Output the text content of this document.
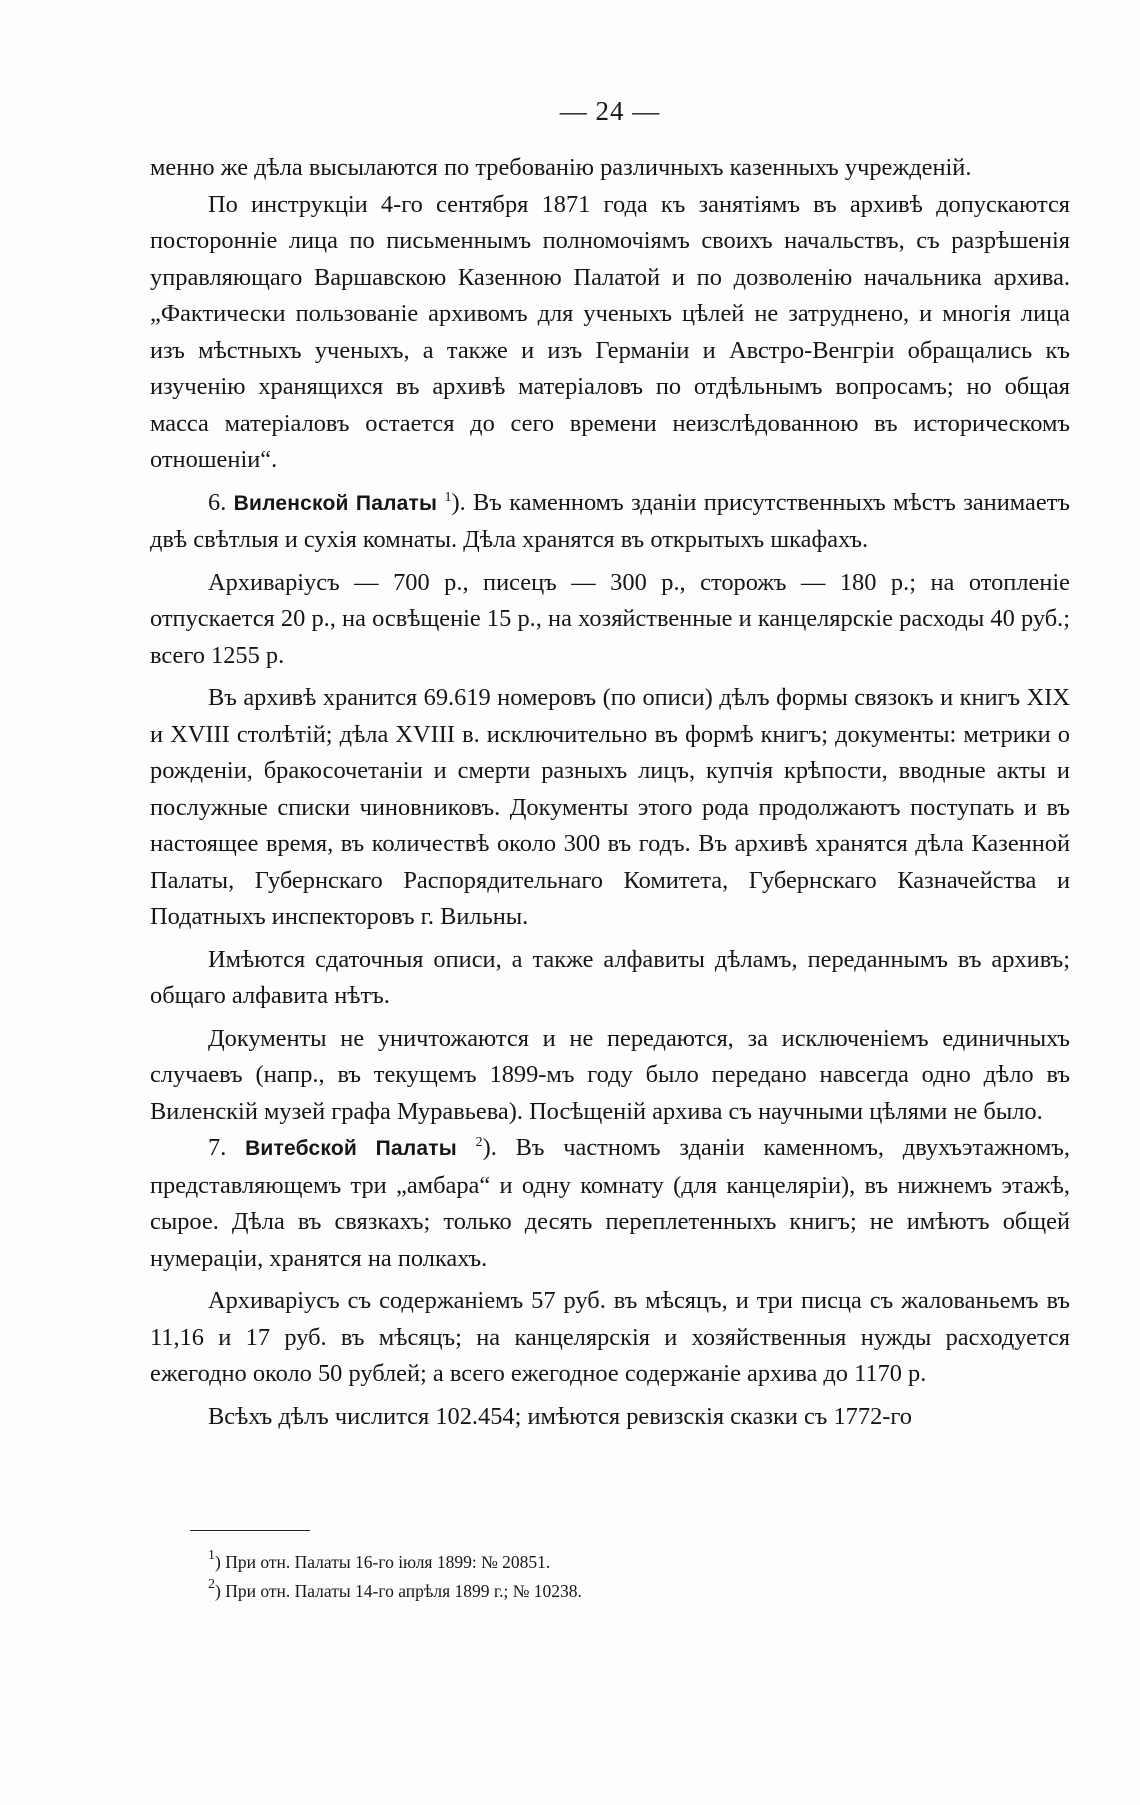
— 24 —

менно же дѣла высылаются по требованію различныхъ казенныхъ учрежденій.

По инструкціи 4-го сентября 1871 года къ занятіямъ въ архивѣ допускаются посторонніе лица по письменнымъ полномочіямъ своихъ начальствъ, съ разрѣшенія управляющаго Варшавскою Казенною Палатой и по дозволенію начальника архива. „Фактически пользованіе архивомъ для ученыхъ цѣлей не затруднено, и многія лица изъ мѣстныхъ ученыхъ, а также и изъ Германіи и Австро-Венгріи обращались къ изученію хранящихся въ архивѣ матеріаловъ по отдѣльнымъ вопросамъ; но общая масса матеріаловъ остается до сего времени неизслѣдованною въ историческомъ отношеніи“.

6. Виленской Палаты $^1$). Въ каменномъ зданіи присутственныхъ мѣстъ занимаетъ двѣ свѣтлыя и сухія комнаты. Дѣла хранятся въ открытыхъ шкафахъ.

Архиваріусъ — 700 р., писецъ — 300 р., сторожъ — 180 р.; на отопленіе отпускается 20 р., на освѣщеніе 15 р., на хозяйственные и канцелярскіе расходы 40 руб.; всего 1255 р.

Въ архивѣ хранится 69.619 номеровъ (по описи) дѣлъ формы связокъ и книгъ XIX и XVIII столѣтій; дѣла XVIII в. исключительно въ формѣ книгъ; документы: метрики о рожденіи, бракосочетаніи и смерти разныхъ лицъ, купчія крѣпости, вводные акты и послужные списки чиновниковъ. Документы этого рода продолжаютъ поступать и въ настоящее время, въ количествѣ около 300 въ годъ. Въ архивѣ хранятся дѣла Казенной Палаты, Губернскаго Распорядительнаго Комитета, Губернскаго Казначейства и Податныхъ инспекторовъ г. Вильны.

Имѣются сдаточныя описи, а также алфавиты дѣламъ, переданнымъ въ архивъ; общаго алфавита нѣтъ.

Документы не уничтожаются и не передаются, за исключеніемъ единичныхъ случаевъ (напр., въ текущемъ 1899-мъ году было передано навсегда одно дѣло въ Виленскій музей графа Муравьева). Посѣщеній архива съ научными цѣлями не было.

7. Витебской Палаты $^2$). Въ частномъ зданіи каменномъ, двухъэтажномъ, представляющемъ три „амбара“ и одну комнату (для канцеляріи), въ нижнемъ этажѣ, сырое. Дѣла въ связкахъ; только десять переплетенныхъ книгъ; не имѣютъ общей нумераціи, хранятся на полкахъ.

Архиваріусъ съ содержаніемъ 57 руб. въ мѣсяцъ, и три писца съ жалованьемъ въ 11,16 и 17 руб. въ мѣсяцъ; на канцелярскія и хозяйственныя нужды расходуется ежегодно около 50 рублей; а всего ежегодное содержаніе архива до 1170 р.

Всѣхъ дѣлъ числится 102.454; имѣются ревизскія сказки съ 1772-го

$^1$) При отн. Палаты 16-го іюля 1899: № 20851.

$^2$) При отн. Палаты 14-го апрѣля 1899 г.; № 10238.
